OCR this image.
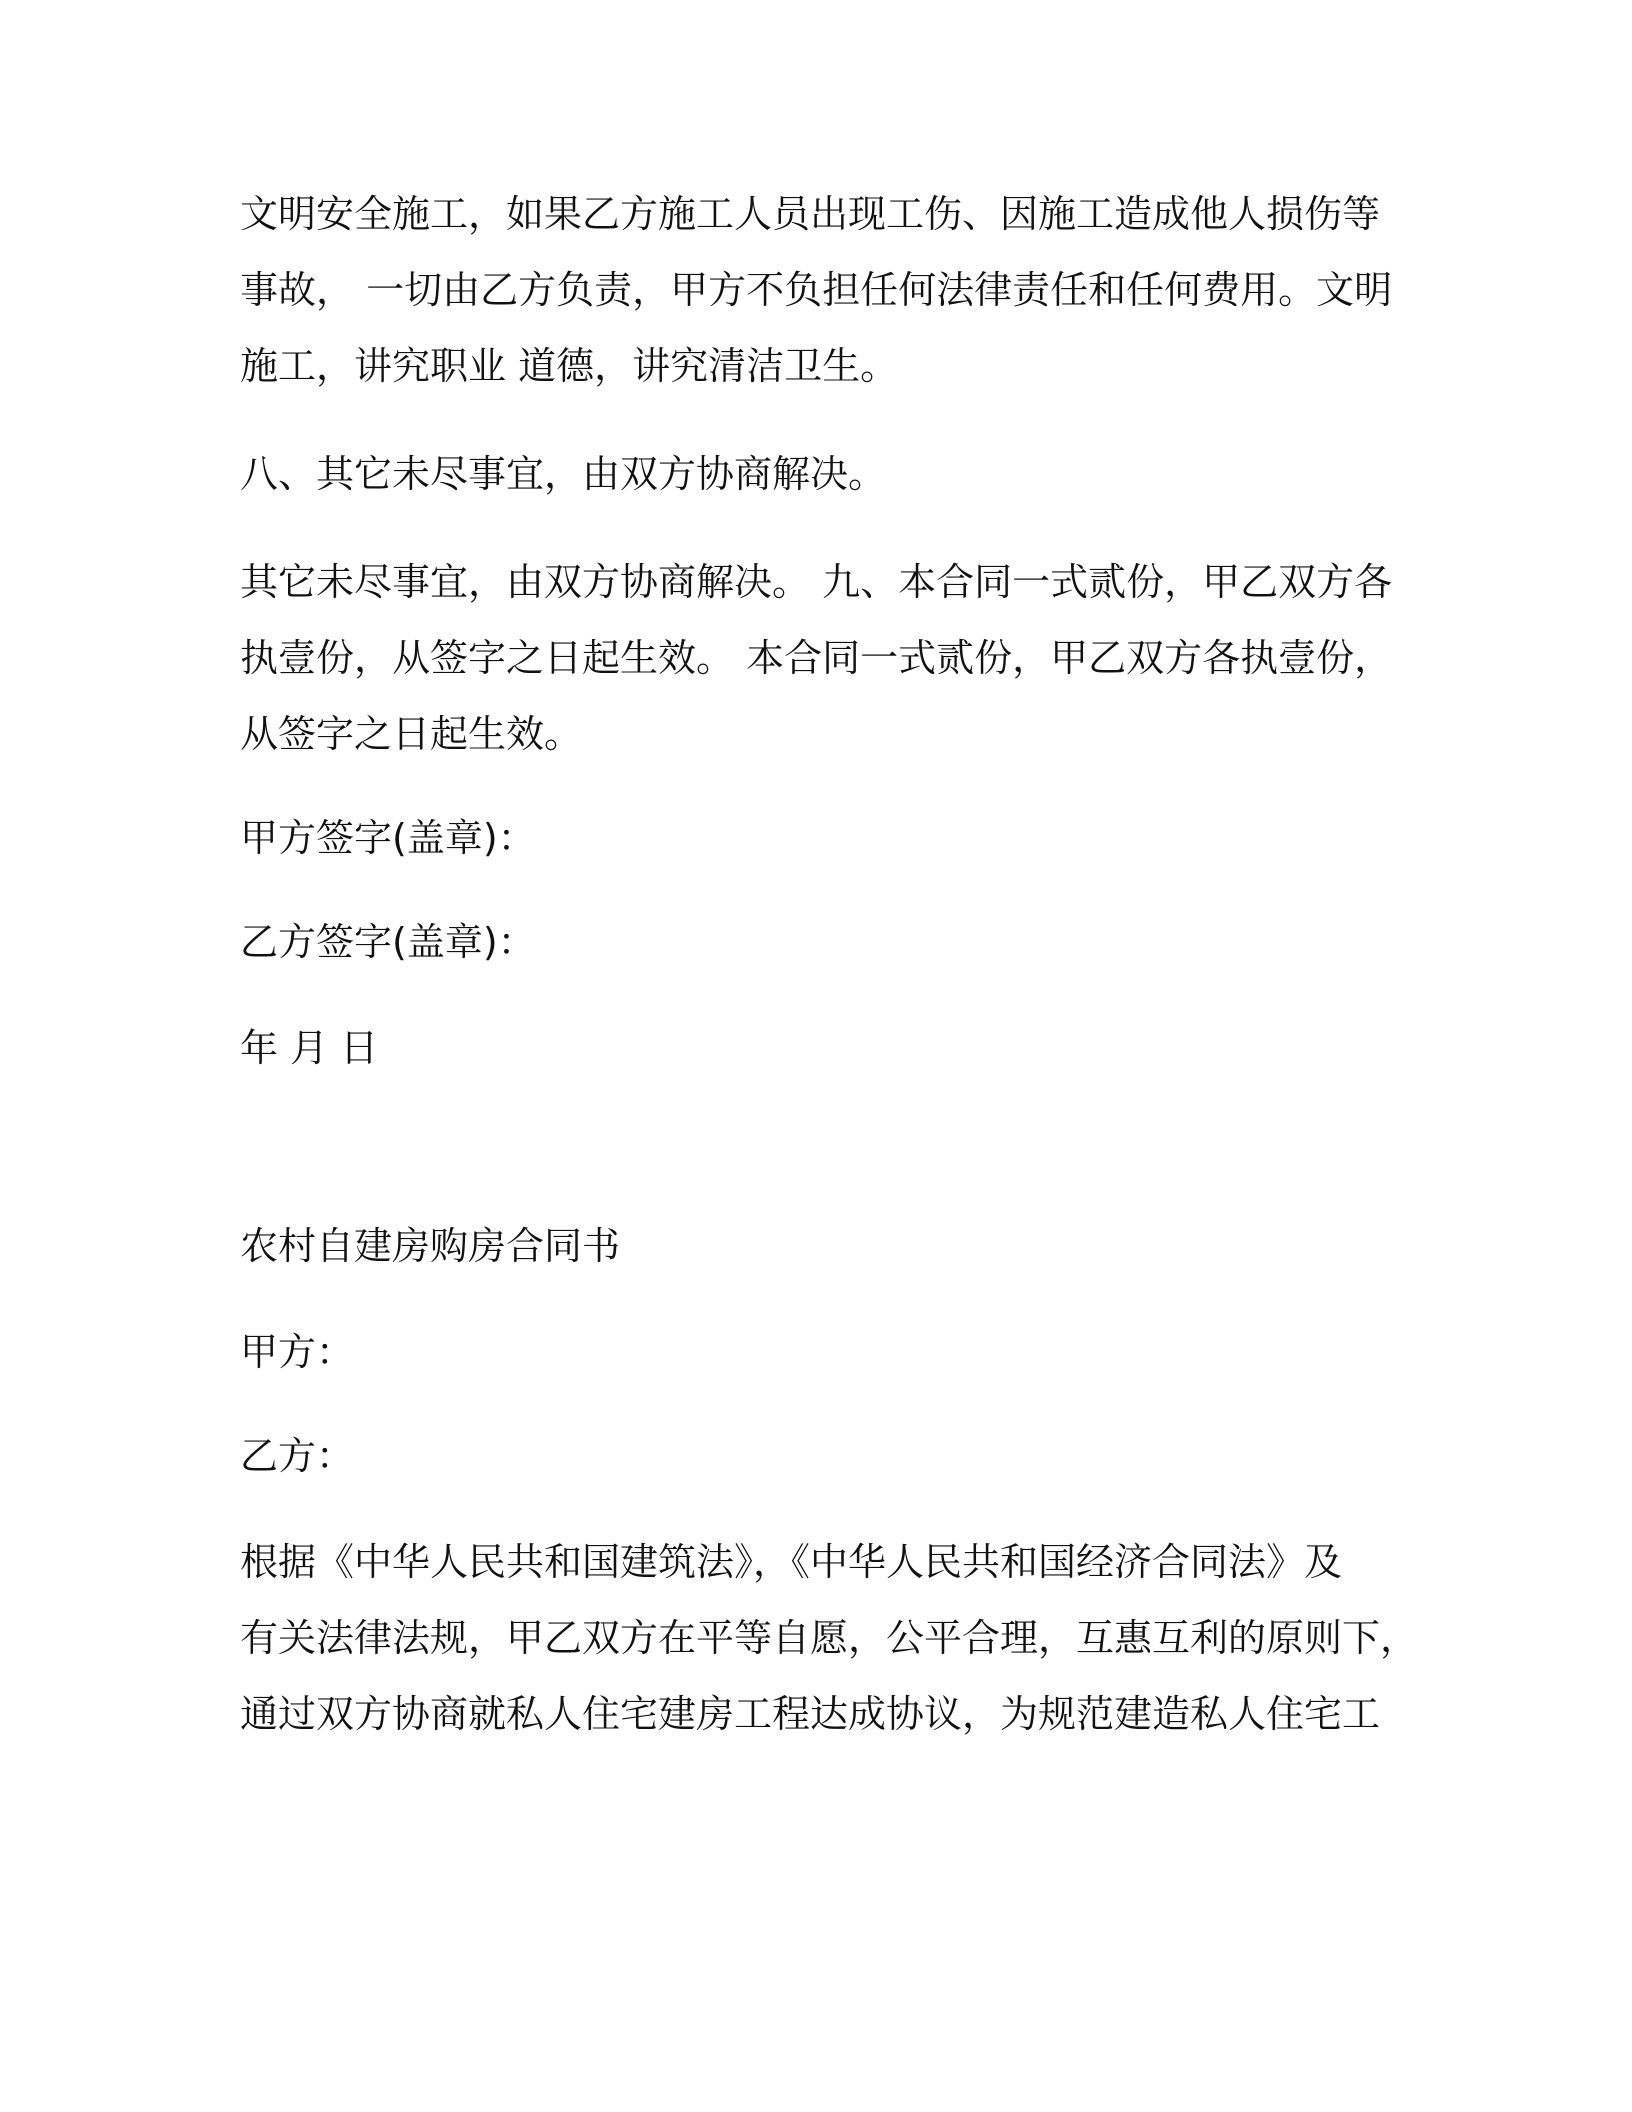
文明安全施工，如果乙方施工人员出现工伤、因施工造成他人损伤等
事故， 一切由乙方负责，甲方不负担任何法律责任和任何费用。文明
施工，讲究职业 道德，讲究清洁卫生。
八、其它未尽事宜，由双方协商解决。
其它未尽事宜，由双方协商解决。 九、本合同一式贰份，甲乙双方各
执壹份，从签字之日起生效。 本合同一式贰份，甲乙双方各执壹份，
从签字之日起生效。
甲方签字(盖章)：
乙方签字(盖章)：
年 月 日
农村自建房购房合同书
甲方：
乙方：
根据《中华人民共和国建筑法》，《中华人民共和国经济合同法》及
有关法律法规，甲乙双方在平等自愿，公平合理，互惠互利的原则下，
通过双方协商就私人住宅建房工程达成协议，为规范建造私人住宅工
